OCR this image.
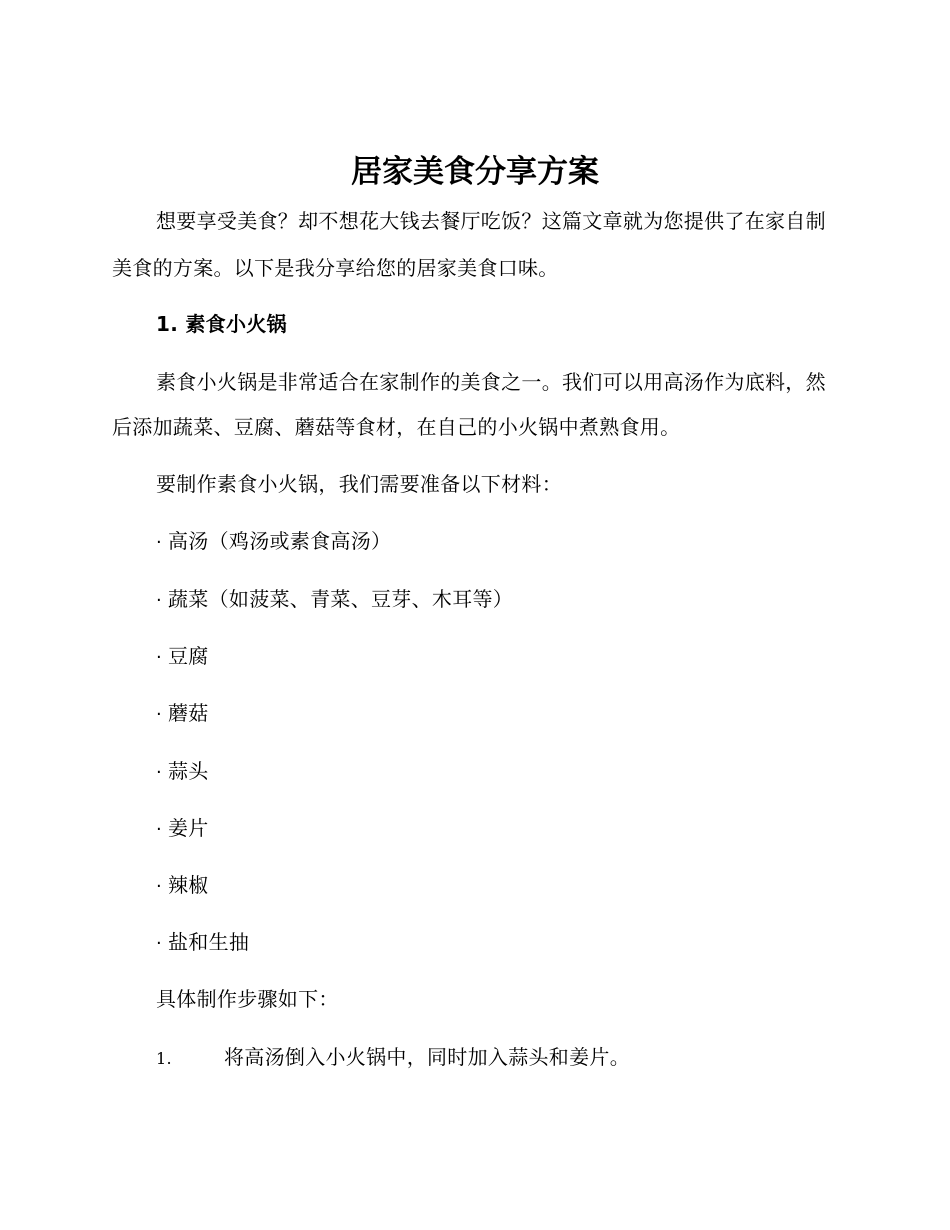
居家美食分享方案

想要享受美食？却不想花大钱去餐厅吃饭？这篇文章就为您提供了在家自制美食的方案。以下是我分享给您的居家美食口味。

1. 素食小火锅

素食小火锅是非常适合在家制作的美食之一。我们可以用高汤作为底料，然后添加蔬菜、豆腐、蘑菇等食材，在自己的小火锅中煮熟食用。

要制作素食小火锅，我们需要准备以下材料：

· 高汤（鸡汤或素食高汤）

· 蔬菜（如菠菜、青菜、豆芽、木耳等）

· 豆腐

· 蘑菇

· 蒜头

· 姜片

· 辣椒

· 盐和生抽

具体制作步骤如下：

1.	将高汤倒入小火锅中，同时加入蒜头和姜片。
